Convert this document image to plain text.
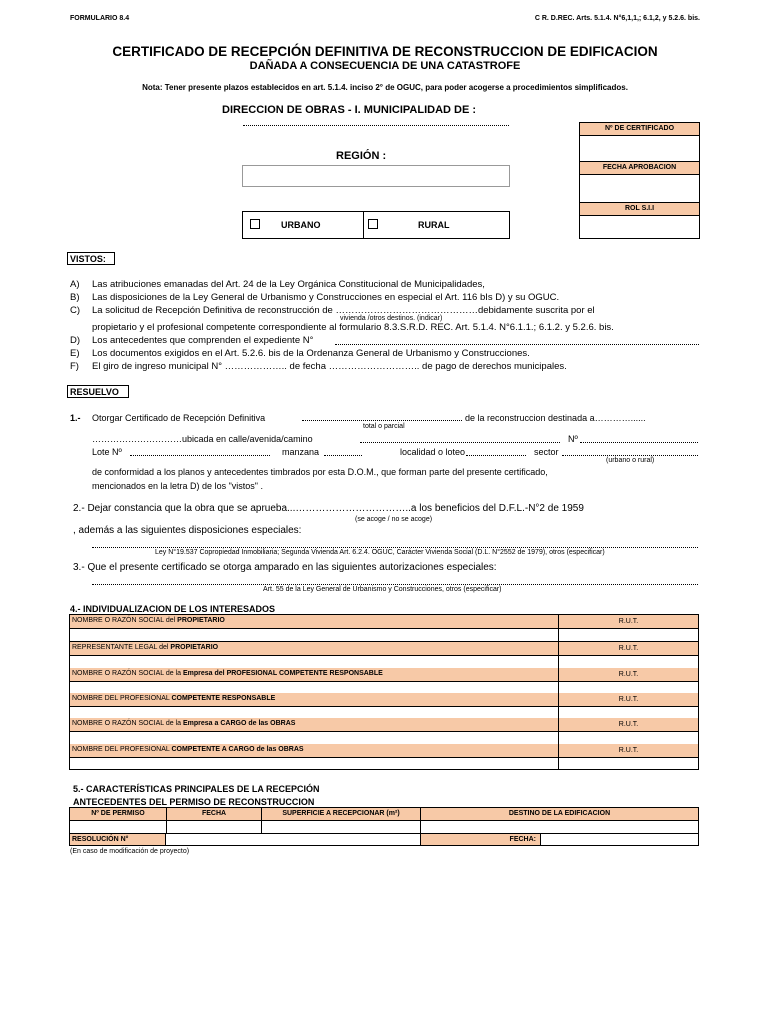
FORMULARIO 8.4	C R. D.REC. Arts. 5.1.4. N°6,1,1,; 6.1,2, y 5.2.6. bis.
CERTIFICADO DE RECEPCIÓN DEFINITIVA DE RECONSTRUCCION DE EDIFICACION
DAÑADA A CONSECUENCIA DE UNA CATASTROFE
Nota: Tener presente plazos establecidos en art. 5.1.4. inciso 2° de OGUC, para poder acogerse a procedimientos simplificados.
DIRECCION DE OBRAS - I. MUNICIPALIDAD DE :
REGIÓN :
URBANO	RURAL
Nº DE CERTIFICADO
FECHA APROBACION
ROL S.I.I
VISTOS:
A) Las atribuciones emanadas del Art. 24 de la Ley Orgánica Constitucional de Municipalidades,
B) Las disposiciones de la Ley General de Urbanismo y Construcciones en especial el Art. 116 bIs D) y su OGUC.
C) La solicitud de Recepción Definitiva de reconstrucción de ………………………………………debidamente suscrita por el
vivienda /otros destinos. (indicar)
propietario y el profesional competente correspondiente al formulario 8.3.S.R.D. REC. Art. 5.1.4. N°6.1.1.; 6.1.2. y 5.2.6. bis.
D) Los antecedentes que comprenden el expediente N°
E) Los documentos exigidos en el Art. 5.2.6. bis de la Ordenanza General de Urbanismo y Construcciones.
F) El giro de ingreso municipal N° ……………….. de fecha ……………………….. de pago de derechos municipales.
RESUELVO
1.- Otorgar Certificado de Recepción Definitiva	de la reconstruccion destinada a…………......
total o parcial
…………………………ubicada en calle/avenida/camino	Nº
Lote Nº	manzana	localidad o loteo	sector
(urbano o rural)
de conformidad a los planos y antecedentes timbrados por esta D.O.M., que forman parte del presente certificado,
mencionados en la letra D) de los "vistos" .
2.- Dejar constancia que la obra que se aprueba...……………………………..a los beneficios del D.F.L.-N°2 de 1959
(se acoge / no se acoge)
, además a las siguientes disposiciones especiales:
Ley N°19.537 Copropiedad Inmobiliaria; Segunda Vivienda Art. 6.2.4. OGUC, Carácter Vivienda Social (D.L. N°2552 de 1979), otros (especificar)
3.- Que el presente certificado se otorga amparado en las siguientes autorizaciones especiales:
Art. 55 de la Ley General de Urbanismo y Construcciones, otros (especificar)
4.- INDIVIDUALIZACION DE LOS INTERESADOS
NOMBRE O RAZÓN SOCIAL del PROPIETARIO	R.U.T.
REPRESENTANTE LEGAL del PROPIETARIO	R.U.T.
NOMBRE O RAZÓN SOCIAL de la Empresa del PROFESIONAL COMPETENTE RESPONSABLE	R.U.T.
NOMBRE DEL PROFESIONAL COMPETENTE RESPONSABLE	R.U.T.
NOMBRE O RAZÓN SOCIAL de la Empresa a CARGO de las OBRAS	R.U.T.
NOMBRE DEL PROFESIONAL COMPETENTE A CARGO de las OBRAS	R.U.T.
5.- CARACTERÍSTICAS PRINCIPALES DE LA RECEPCIÓN
ANTECEDENTES DEL PERMISO DE RECONSTRUCCION
Nº DE PERMISO	FECHA	SUPERFICIE A RECEPCIONAR (m²)	DESTINO DE LA EDIFICACION
RESOLUCIÓN N°	FECHA:
(En caso de modificación de proyecto)
